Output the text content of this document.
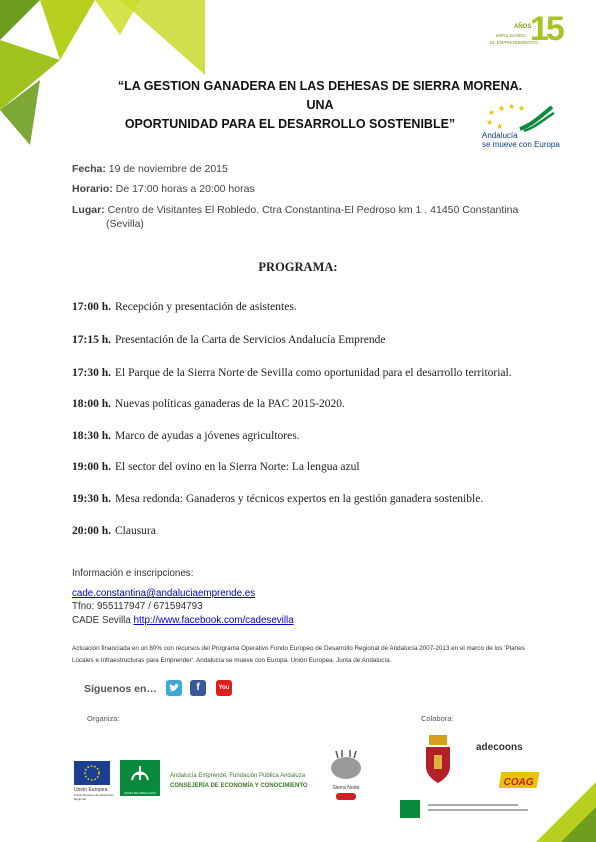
AÑOS
IMPULSANDO
EL EMPRENDIMIENTO
15
“LA GESTION GANADERA EN LAS DEHESAS DE SIERRA MORENA. UNA
OPORTUNIDAD PARA EL DESARROLLO SOSTENIBLE”
★ ★ ★ ★
★ ★
Andalucía
se mueve con Europa
Fecha: 19 de noviembre de 2015
Horario: De 17:00 horas a 20:00 horas
Lugar: Centro de Visitantes El Robledo. Ctra Constantina-El Pedroso km 1 . 41450 Constantina
(Sevilla)
PROGRAMA:
17:00 h. Recepción y presentación de asistentes.
17:15 h. Presentación de la Carta de Servicios Andalucía Emprende
17:30 h. El Parque de la Sierra Norte de Sevilla como oportunidad para el desarrollo territorial.
18:00 h. Nuevas políticas ganaderas de la PAC 2015-2020.
18:30 h. Marco de ayudas a jóvenes agricultores.
19:00 h. El sector del ovino en la Sierra Norte: La lengua azul
19:30 h. Mesa redonda: Ganaderos y técnicos expertos en la gestión ganadera sostenible.
20:00 h. Clausura
Información e inscripciones:
cade.constantina@andaluciaemprende.es
Tfno: 955117947 / 671594793
CADE Sevilla http://www.facebook.com/cadesevilla
Actuación financiada en un 80% con recursos del Programa Operativo Fondo Europeo de Desarrollo Regional de Andalucía 2007-2013 en el marco de los 'Planes Locales e Infraestructuras para Emprender'. Andalucía se mueve con Europa. Unión Europea. Junta de Andalucía.
Síguenos en…	f	You
Organiza:	Colabora:
Unión Europea
Fondo Europeo de Desarrollo Regional
JUNTA DE ANDALUCÍA
Andalucía Emprende, Fundación Pública Andaluza
CONSEJERÍA DE ECONOMÍA Y CONOCIMIENTO	Sierra Norte
adecoons
COAG
